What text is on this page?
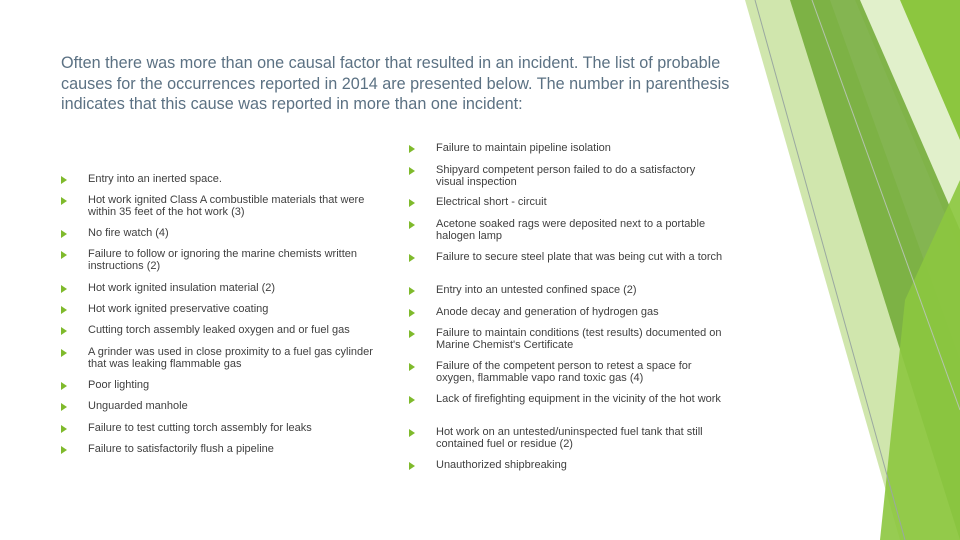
Often there was more than one causal factor that resulted in an incident. The list of probable causes for the occurrences reported in 2014 are presented below. The number in parenthesis indicates that this cause was reported in more than one incident:
Entry into an inerted space.
Hot work ignited Class A combustible materials that were within 35 feet of the hot work (3)
No fire watch (4)
Failure to follow or ignoring the marine chemists written instructions (2)
Hot work ignited insulation material (2)
Hot work ignited preservative coating
Cutting torch assembly leaked oxygen and or fuel gas
A grinder was used in close proximity to a fuel gas cylinder that was leaking flammable gas
Poor lighting
Unguarded manhole
Failure to test cutting torch assembly for leaks
Failure to satisfactorily flush a pipeline
Failure to maintain pipeline isolation
Shipyard competent person failed to do a satisfactory visual inspection
Electrical short - circuit
Acetone soaked rags were deposited next to a portable halogen lamp
Failure to secure steel plate that was being cut with a torch
Entry into an untested confined space (2)
Anode decay and generation of hydrogen gas
Failure to maintain conditions (test results) documented on Marine Chemist's Certificate
Failure of the competent person to retest a space for oxygen, flammable vapo rand toxic gas (4)
Lack of firefighting equipment in the vicinity of the hot work
Hot work on an untested/uninspected fuel tank that still contained fuel or residue (2)
Unauthorized shipbreaking
